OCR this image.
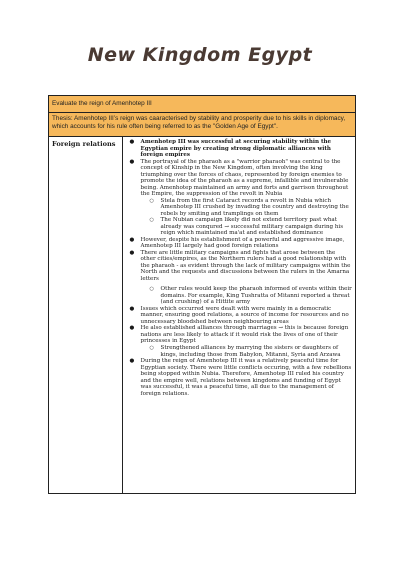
New Kingdom Egypt
Evaluate the reign of Amenhotep III
Thesis: Amenhotep III’s reign was caaracterised by stability and prosperity due to his skills in diplomacy, which accounts for his rule often being referred to as the "Golden Age of Egypt".
Foreign relations	● Amenhotep III was successful at securing stability within the Egyptian empire by creating strong diplomatic alliances with foreign empires
● The portrayal of the pharaoh as a "warrior pharaoh" was central to the concept of Kinship in the New Kingdom, often involving the king triumphing over the forces of chaos, represented by foreign enemies to promote the idea of the pharaoh as a supreme, infallible and invulnerable being. Amenhotep maintained an army and forts and garrison throughout the Empire, the suppression of the revolt in Nubia
○ Stela from the first Cataract records a revolt in Nubia which Amenhotep III crushed by invading the country and destroying the rebels by smiting and tramplings on them
○ The Nubian campaign likely did not extend territory past what already was conqured → successful military campaign during his reign which maintained ma'at and established dominance
● However, despite his establishment of a powerful and aggressive image, Amenhotep III largely had good foreign relations
● There are little military campaigns and fights that arose between the other cities/empires, as the Northern rulers had a good relationship with the pharaoh - as evident through the lack of military campaigns within the North and the requests and discussions between the rulers in the Amarna letters
○ Other rules would keep the pharaoh informed of events within their domains. For example, King Tushratta of Mitanni reported a threat (and crushing) of a Hittite army
● Issues which occurred were dealt with were mainly in a democratic manner, ensuring good relations, a source of income for resources and no unnecessary bloodshed between neighbouring areas
● He also established alliances through marriages → this is because foreign nations are less likely to attack if it would risk the lives of one of their princesses in Egypt
○ Strengthened alliances by marrying the sisters or daughters of kings, including those from Babylon, Mitanni, Syria and Arzawa
● During the reign of Amenhotep III it was a relatively peaceful time for Egyptian society. There were little conflicts occuring, with a few rebellions being stopped within Nubia. Therefore, Amenhotep III ruled his country and the empire well, relations between kingdoms and funding of Egypt was successful, it was a peaceful time, all due to the management of foreign relations.
